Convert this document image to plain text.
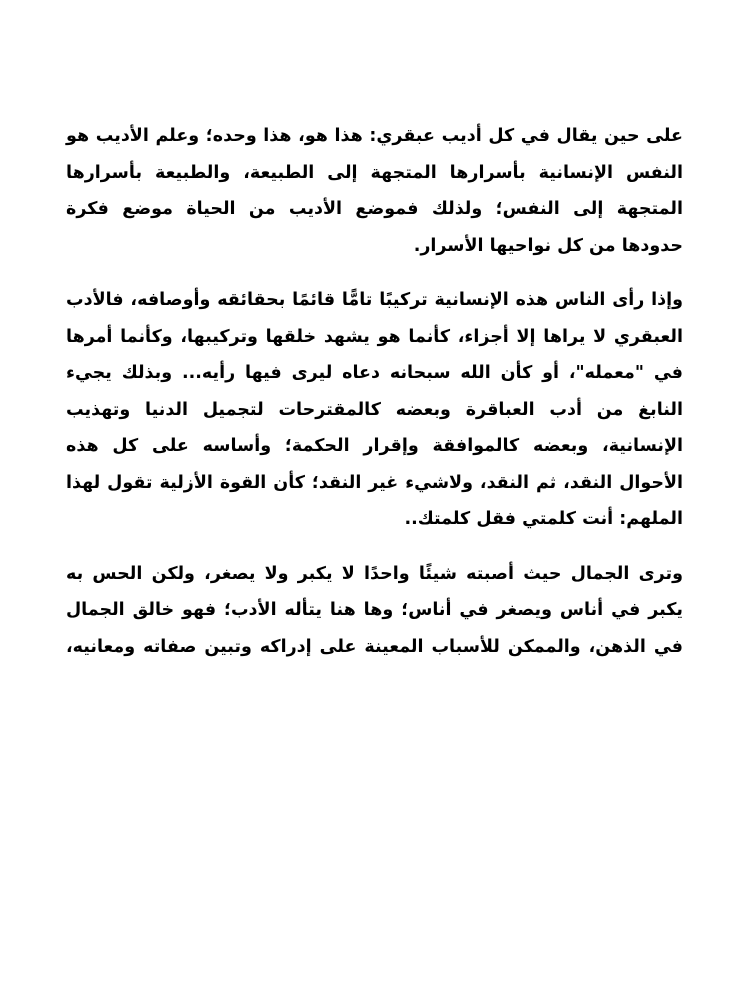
على حين يقال في كل أديب عبقري: هذا هو، هذا وحده؛ وعلم الأديب هو
النفس الإنسانية بأسرارها المتجهة إلى الطبيعة، والطبيعة بأسرارها
المتجهة إلى النفس؛ ولذلك فموضع الأديب من الحياة موضع فكرة
حدودها من كل نواحيها الأسرار.
وإذا رأى الناس هذه الإنسانية تركيبًا تامًّا قائمًا بحقائقه وأوصافه، فالأدب
العبقري لا يراها إلا أجزاء، كأنما هو يشهد خلقها وتركيبها، وكأنما أمرها
في "معمله"، أو كأن الله سبحانه دعاه ليرى فيها رأيه... وبذلك يجيء
النابغ من أدب العباقرة وبعضه كالمقترحات لتجميل الدنيا وتهذيب
الإنسانية، وبعضه كالموافقة وإقرار الحكمة؛ وأساسه على كل هذه
الأحوال النقد، ثم النقد، ولاشيء غير النقد؛ كأن القوة الأزلية تقول لهذا
الملهم: أنت كلمتي فقل كلمتك..
وترى الجمال حيث أصبته شيئًا واحدًا لا يكبر ولا يصغر، ولكن الحس به
يكبر في أناس ويصغر في أناس؛ وها هنا يتأله الأدب؛ فهو خالق الجمال
في الذهن، والممكن للأسباب المعينة على إدراكه وتبين صفاته ومعانيه،
